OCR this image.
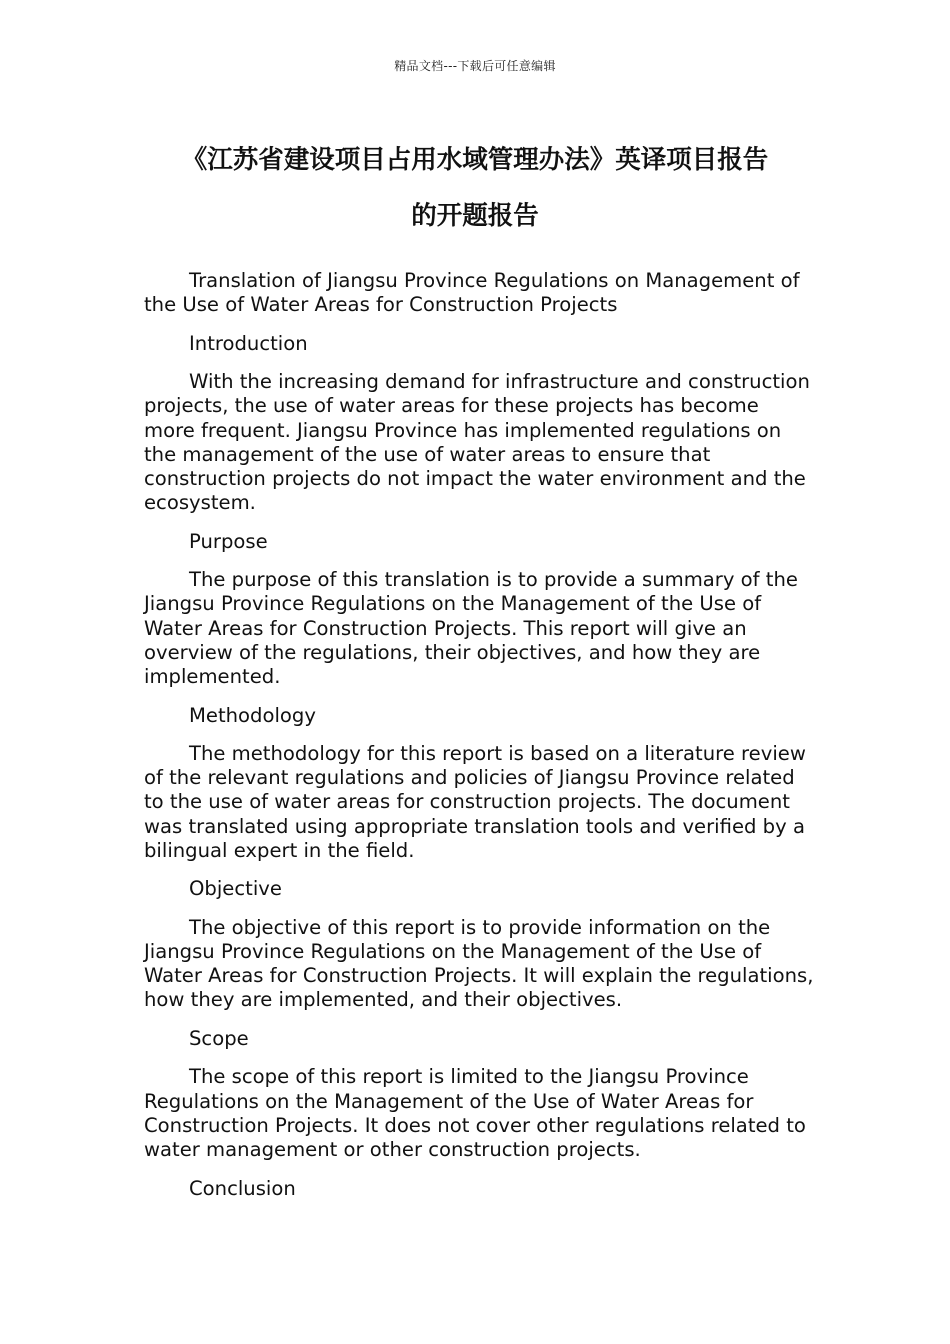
精品文档---下载后可任意编辑
《江苏省建设项目占用水域管理办法》英译项目报告
的开题报告

Translation of Jiangsu Province Regulations on Management of the Use of Water Areas for Construction Projects

Introduction

With the increasing demand for infrastructure and construction projects, the use of water areas for these projects has become more frequent. Jiangsu Province has implemented regulations on the management of the use of water areas to ensure that construction projects do not impact the water environment and the ecosystem.

Purpose

The purpose of this translation is to provide a summary of the Jiangsu Province Regulations on the Management of the Use of Water Areas for Construction Projects. This report will give an overview of the regulations, their objectives, and how they are implemented.

Methodology

The methodology for this report is based on a literature review of the relevant regulations and policies of Jiangsu Province related to the use of water areas for construction projects. The document was translated using appropriate translation tools and verified by a bilingual expert in the field.

Objective

The objective of this report is to provide information on the Jiangsu Province Regulations on the Management of the Use of Water Areas for Construction Projects. It will explain the regulations, how they are implemented, and their objectives.

Scope

The scope of this report is limited to the Jiangsu Province Regulations on the Management of the Use of Water Areas for Construction Projects. It does not cover other regulations related to water management or other construction projects.

Conclusion
